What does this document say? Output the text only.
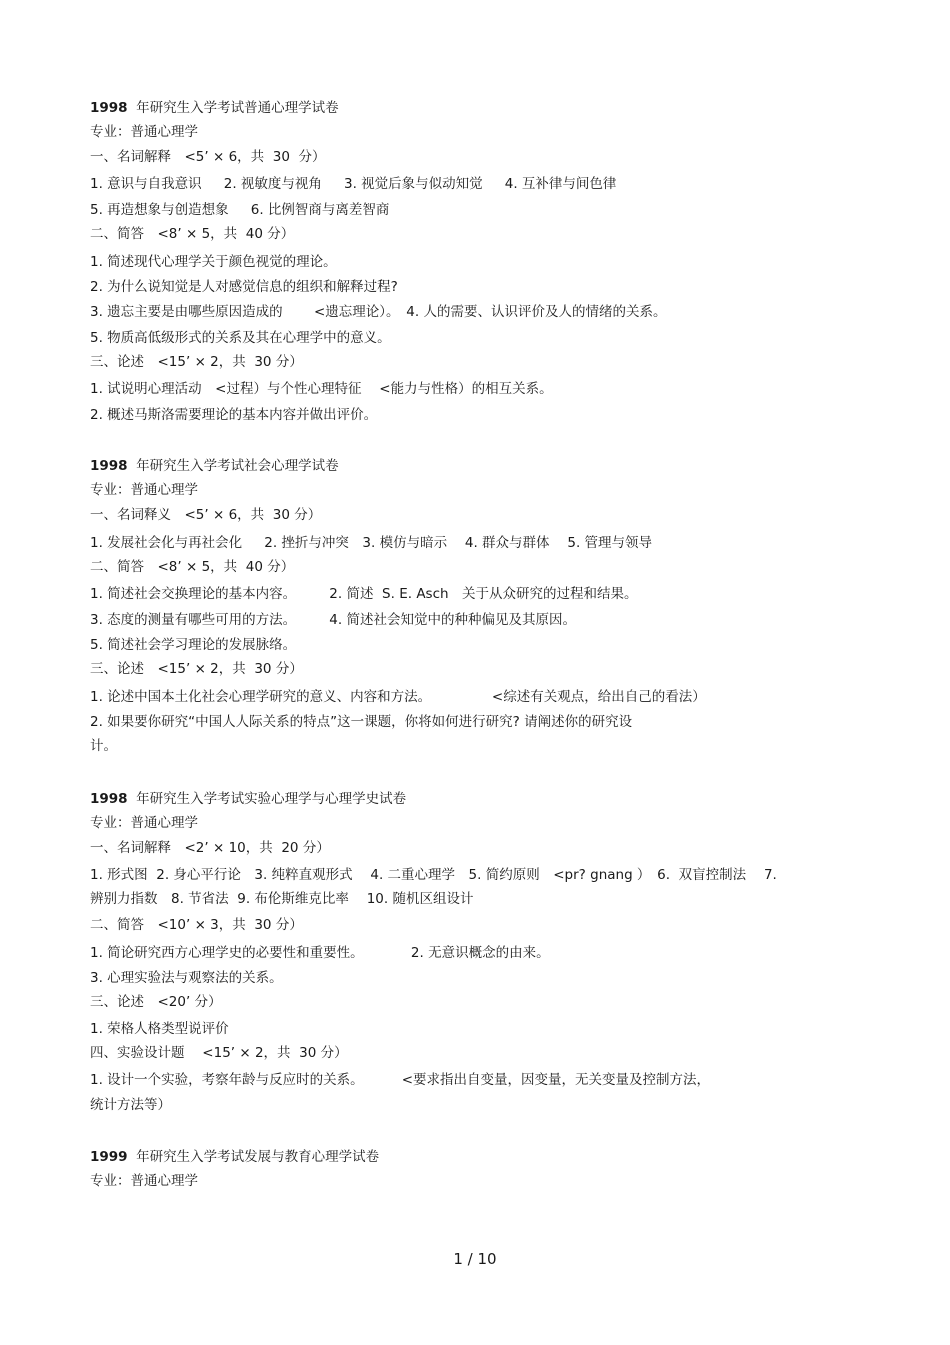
1998 年研究生入学考试普通心理学试卷
专业：普通心理学
一、名词解释　<5’ × 6，共  30  分）
1. 意识与自我意识　  2. 视敏度与视角　  3. 视觉后象与似动知觉　  4. 互补律与间色律
5. 再造想象与创造想象　  6. 比例智商与离差智商
二、简答　<8’ × 5，共  40 分）
1. 简述现代心理学关于颜色视觉的理论。
2. 为什么说知觉是人对感觉信息的组织和解释过程?
3. 遗忘主要是由哪些原因造成的　　 <遗忘理论）。　4. 人的需要、认识评价及人的情绪的关系。
5. 物质高低级形式的关系及其在心理学中的意义。
三、论述　<15’ × 2，共  30 分）
1. 试说明心理活动　<过程）与个性心理特征　 <能力与性格）的相互关系。
2. 概述马斯洛需要理论的基本内容并做出评价。
1998 年研究生入学考试社会心理学试卷
专业：普通心理学
一、名词释义　<5’ × 6，共  30 分）
1. 发展社会化与再社会化　  2. 挫折与冲突　3. 模仿与暗示　 4. 群众与群体　 5. 管理与领导
二、简答　<8’ × 5，共  40 分）
1. 简述社会交换理论的基本内容。　　   2. 简述  S. E. Asch　关于从众研究的过程和结果。
3. 态度的测量有哪些可用的方法。　　   4. 简述社会知觉中的种种偏见及其原因。
5. 简述社会学习理论的发展脉络。
三、论述　<15’ × 2，共  30 分）
1. 论述中国本土化社会心理学研究的意义、内容和方法。　　　　　<综述有关观点，给出自己的看法）
2. 如果要你研究“中国人人际关系的特点”这一课题，你将如何进行研究? 请阐述你的研究设
计。
1998 年研究生入学考试实验心理学与心理学史试卷
专业：普通心理学
一、名词解释　<2’ × 10，共  20 分）
1. 形式图  2. 身心平行论　3. 纯粹直观形式　 4. 二重心理学　5. 简约原则　<pr? gnang ）　6.  双盲控制法　 7.
辨别力指数　8. 节省法  9. 布伦斯维克比率　 10. 随机区组设计
二、简答　<10’ × 3，共  30 分）
1. 简论研究西方心理学史的必要性和重要性。　　　　2. 无意识概念的由来。
3. 心理实验法与观察法的关系。
三、论述　<20’ 分）
1. 荣格人格类型说评价
四、实验设计题　 <15’ × 2，共  30 分）
1. 设计一个实验，考察年龄与反应时的关系。　　　 <要求指出自变量，因变量，无关变量及控制方法，
统计方法等）
1999 年研究生入学考试发展与教育心理学试卷
专业：普通心理学
1 / 10
